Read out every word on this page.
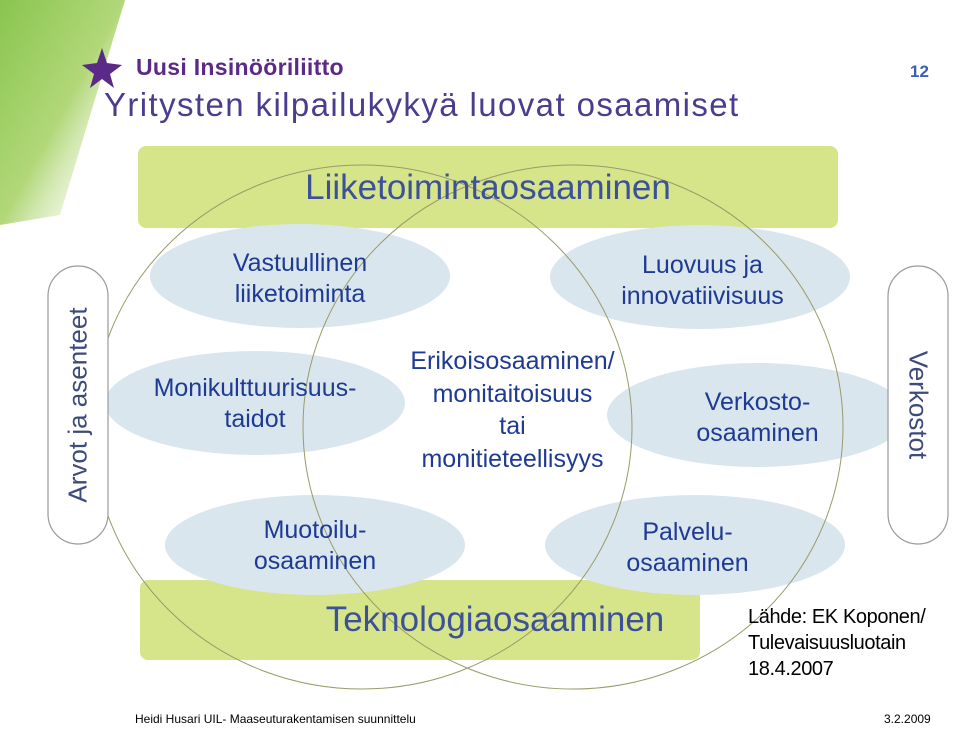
Uusi Insinööriliitto
Yritysten kilpailukykyä luovat osaamiset
12
Liiketoimintaosaaminen
Teknologiaosaaminen
Vastuullinen
liiketoiminta
Monikulttuurisuus-
taidot
Muotoilu-
osaaminen
Luovuus ja
innovatiivisuus
Verkosto-
osaaminen
Palvelu-
osaaminen
Erikoisosaaminen/
monitaitoisuus
tai
monitieteellisyys
Arvot ja asenteet	Verkostot
Lähde: EK Koponen/
Tulevaisuusluotain
18.4.2007
Heidi Husari UIL- Maaseuturakentamisen suunnittelu	3.2.2009
